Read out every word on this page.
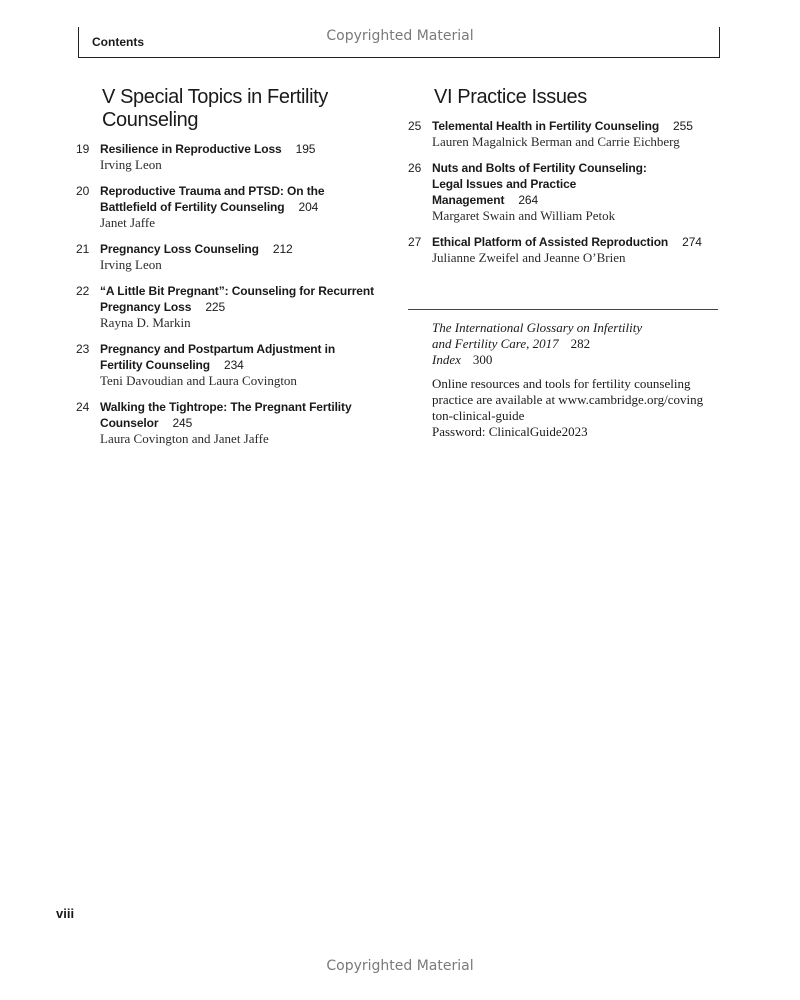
Copyrighted Material
Contents
V Special Topics in Fertility Counseling
19 Resilience in Reproductive Loss 195
Irving Leon
20 Reproductive Trauma and PTSD: On the
Battlefield of Fertility Counseling 204
Janet Jaffe
21 Pregnancy Loss Counseling 212
Irving Leon
22 “A Little Bit Pregnant”: Counseling for Recurrent
Pregnancy Loss 225
Rayna D. Markin
23 Pregnancy and Postpartum Adjustment in
Fertility Counseling 234
Teni Davoudian and Laura Covington
24 Walking the Tightrope: The Pregnant Fertility
Counselor 245
Laura Covington and Janet Jaffe
VI Practice Issues
25 Telemental Health in Fertility Counseling 255
Lauren Magalnick Berman and Carrie Eichberg
26 Nuts and Bolts of Fertility Counseling:
Legal Issues and Practice
Management 264
Margaret Swain and William Petok
27 Ethical Platform of Assisted Reproduction 274
Julianne Zweifel and Jeanne O’Brien
The International Glossary on Infertility
and Fertility Care, 2017 282
Index 300
Online resources and tools for fertility counseling
practice are available at www.cambridge.org/coving
ton-clinical-guide
Password: ClinicalGuide2023
viii
Copyrighted Material
